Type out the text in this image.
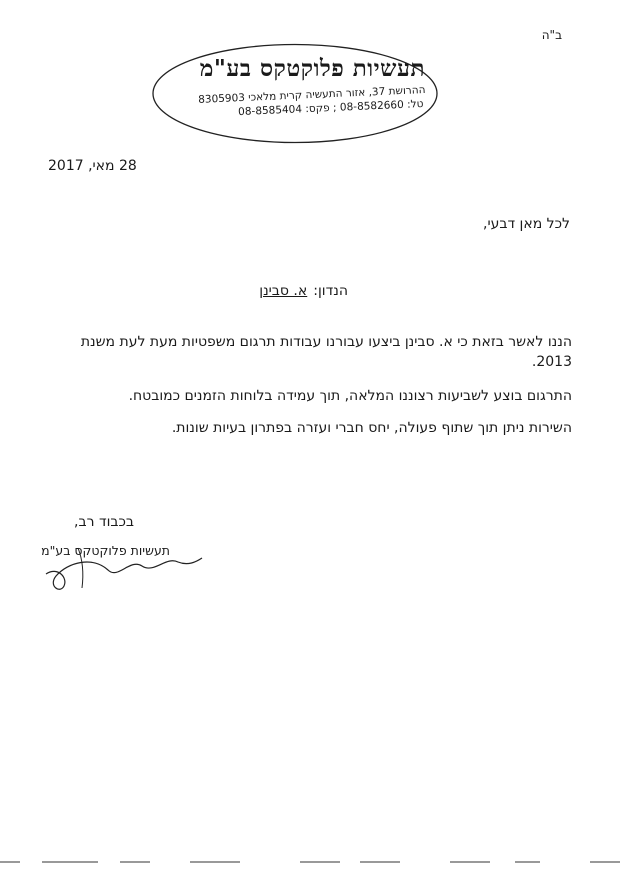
ב"ה
תעשיות פלוקטקס בע"מ
ההרושת 37, אזור התעשיה קרית מלאכי 8305903
טל: 08-8582660 ; פקס: 08-8585404
28 מאי, 2017
לכל מאן דבעי,
הנדון:א. סבינן
הננו לאשר בזאת כי א. סבינן ביצעו עבורנו עבודות תרגום משפטיות מעת לעת משנת 2013.
התרגום בוצע לשביעות רצוננו המלאה, תוך עמידה בלוחות הזמנים כמובטח.
השירות ניתן תוך שתוף פעולה, יחס חברי ועזרה בפתרון בעיות שונות.
בכבוד רב,
תעשיות פלוקטקס בע"מ
